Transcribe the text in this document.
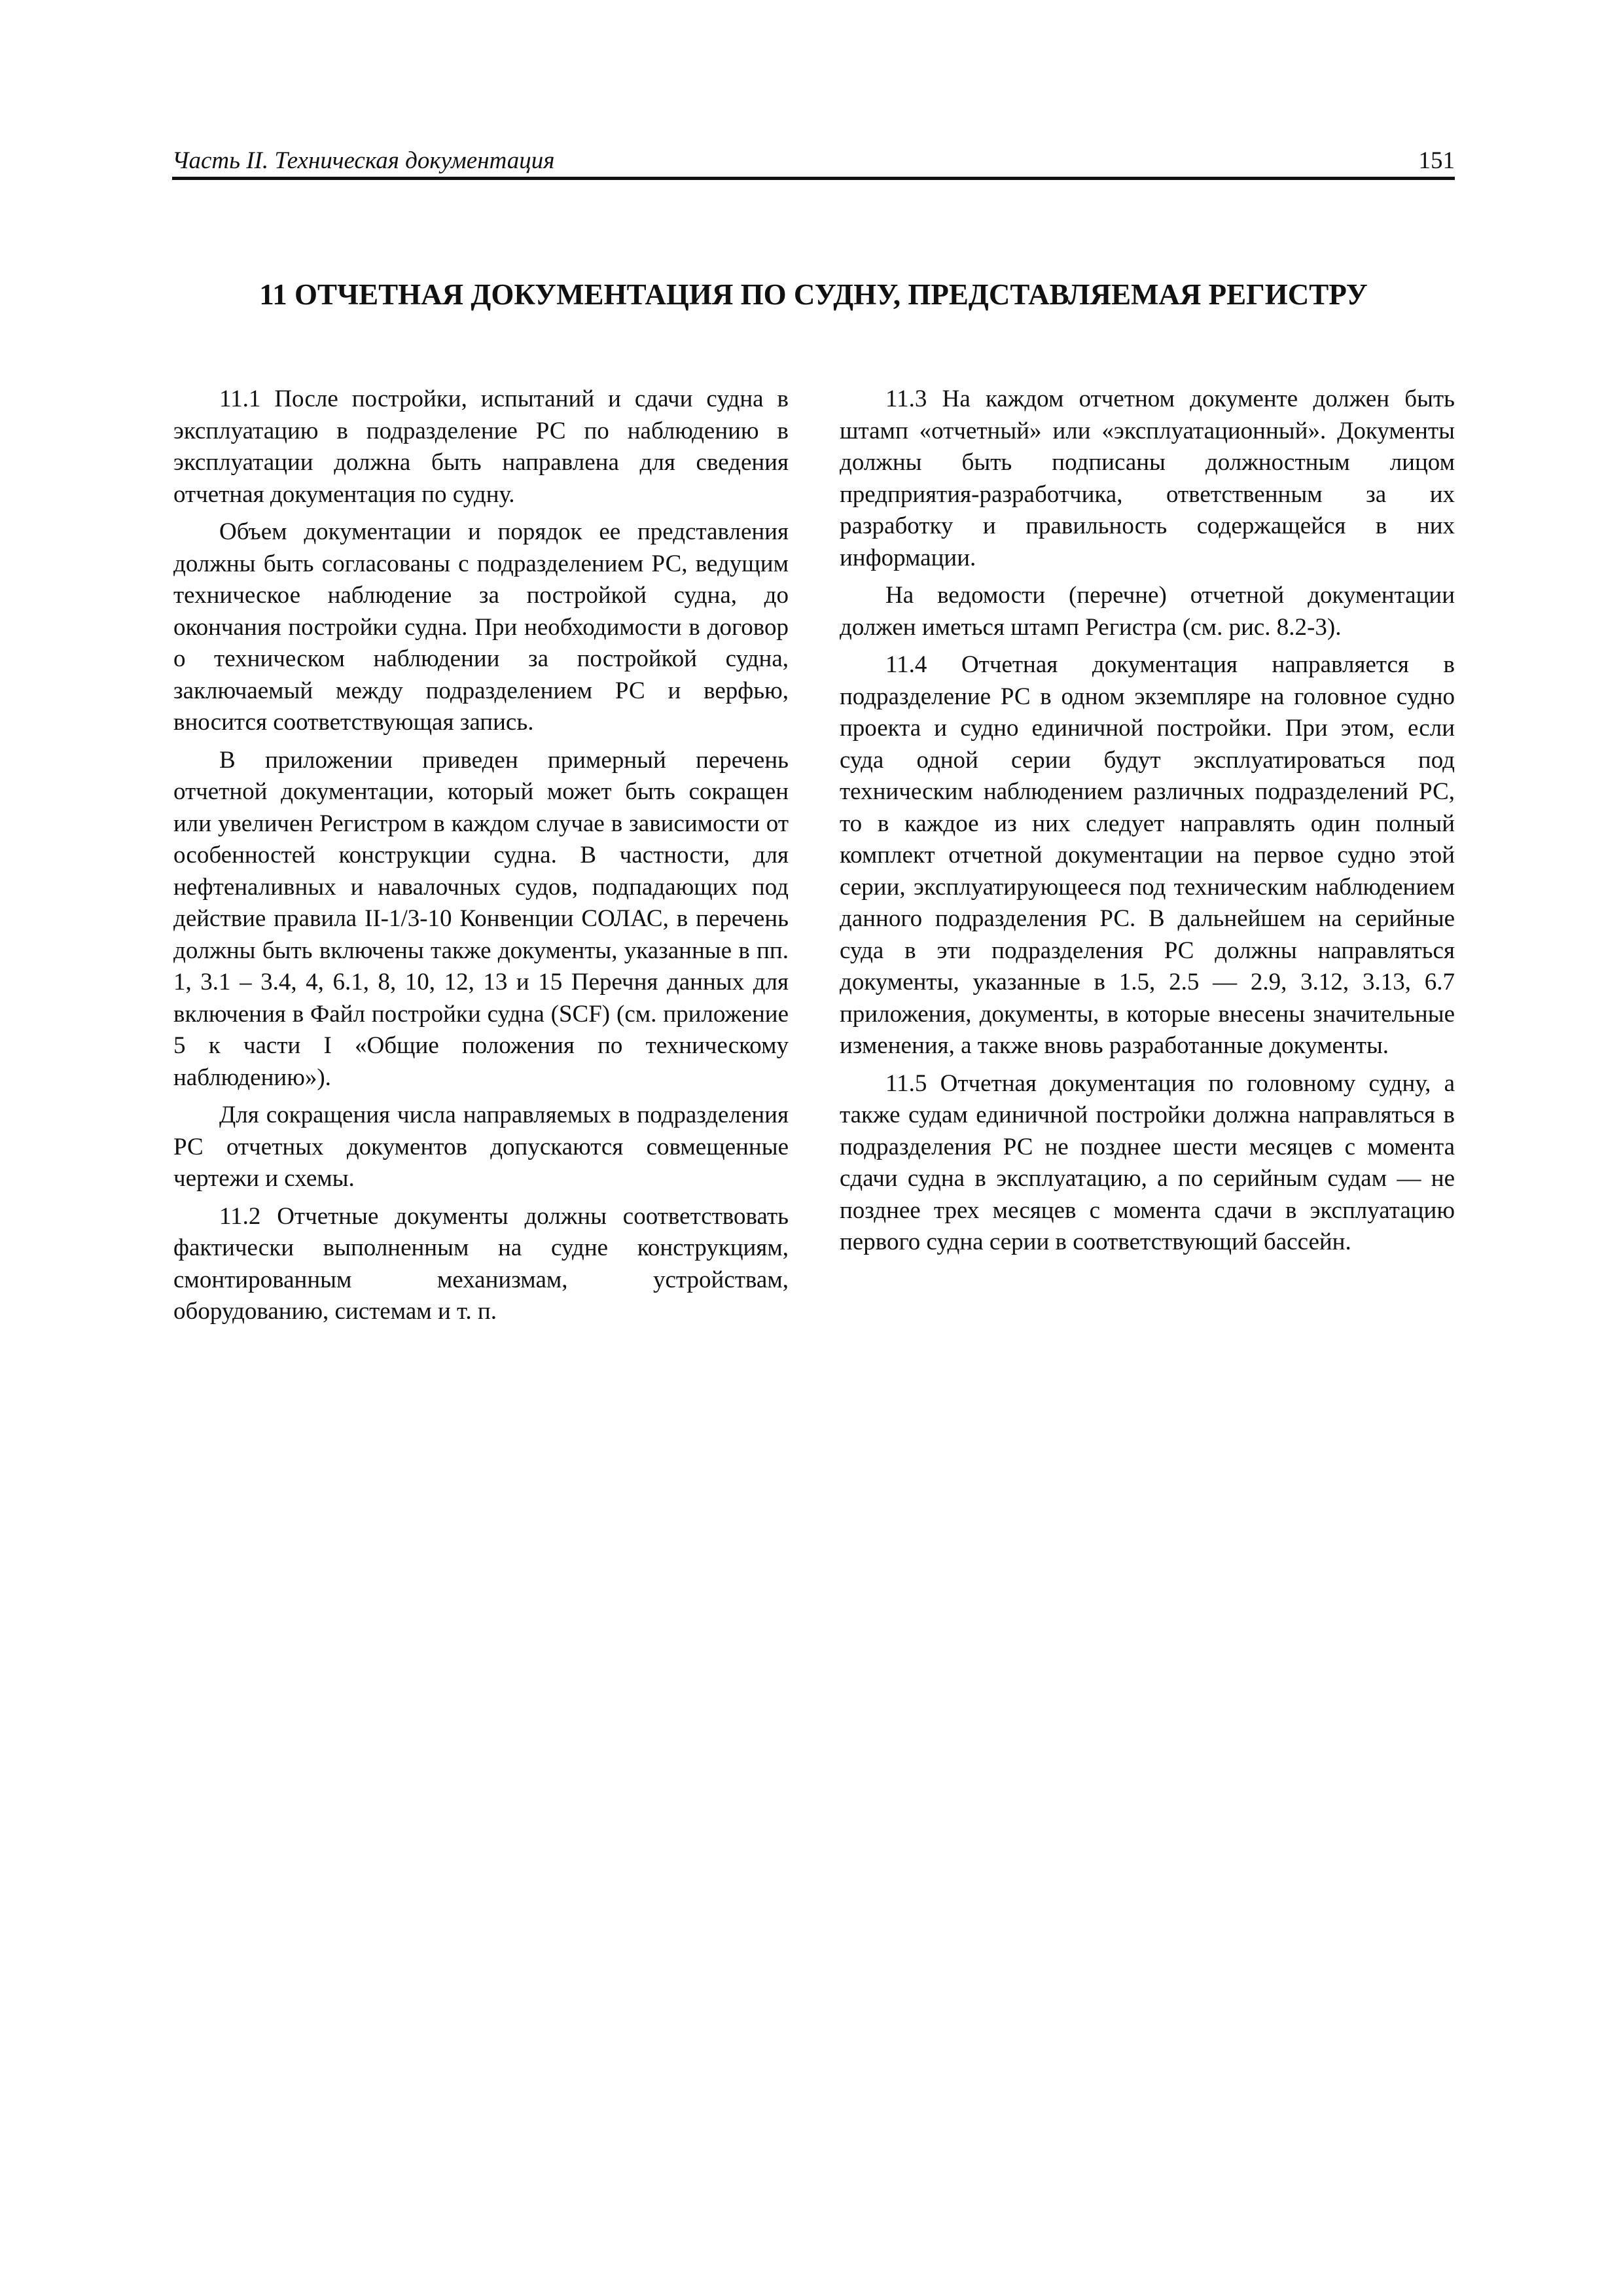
Часть II. Техническая документация	151
11 ОТЧЕТНАЯ ДОКУМЕНТАЦИЯ ПО СУДНУ, ПРЕДСТАВЛЯЕМАЯ РЕГИСТРУ

11.1 После постройки, испытаний и сдачи судна в эксплуатацию в подразделение РС по наблюдению в эксплуатации должна быть направлена для сведения отчетная документация по судну.

Объем документации и порядок ее представления должны быть согласованы с подразделением РС, ведущим техническое наблюдение за постройкой судна, до окончания постройки судна. При необходимости в договор о техническом наблюдении за постройкой судна, заключаемый между подразделением РС и верфью, вносится соответствующая запись.

В приложении приведен примерный перечень отчетной документации, который может быть сокращен или увеличен Регистром в каждом случае в зависимости от особенностей конструкции судна. В частности, для нефтеналивных и навалочных судов, подпадающих под действие правила II-1/3-10 Конвенции СОЛАС, в перечень должны быть включены также документы, указанные в пп. 1, 3.1 – 3.4, 4, 6.1, 8, 10, 12, 13 и 15 Перечня данных для включения в Файл постройки судна (SCF) (см. приложение 5 к части I «Общие положения по техническому наблюдению»).

Для сокращения числа направляемых в подразделения РС отчетных документов допускаются совмещенные чертежи и схемы.

11.2 Отчетные документы должны соответствовать фактически выполненным на судне конструкциям, смонтированным механизмам, устройствам, оборудованию, системам и т. п.

11.3 На каждом отчетном документе должен быть штамп «отчетный» или «эксплуатационный». Документы должны быть подписаны должностным лицом предприятия-разработчика, ответственным за их разработку и правильность содержащейся в них информации.

На ведомости (перечне) отчетной документации должен иметься штамп Регистра (см. рис. 8.2-3).

11.4 Отчетная документация направляется в подразделение РС в одном экземпляре на головное судно проекта и судно единичной постройки. При этом, если суда одной серии будут эксплуатироваться под техническим наблюдением различных подразделений РС, то в каждое из них следует направлять один полный комплект отчетной документации на первое судно этой серии, эксплуатирующееся под техническим наблюдением данного подразделения РС. В дальнейшем на серийные суда в эти подразделения РС должны направляться документы, указанные в 1.5, 2.5 — 2.9, 3.12, 3.13, 6.7 приложения, документы, в которые внесены значительные изменения, а также вновь разработанные документы.

11.5 Отчетная документация по головному судну, а также судам единичной постройки должна направляться в подразделения РС не позднее шести месяцев с момента сдачи судна в эксплуатацию, а по серийным судам — не позднее трех месяцев с момента сдачи в эксплуатацию первого судна серии в соответствующий бассейн.
